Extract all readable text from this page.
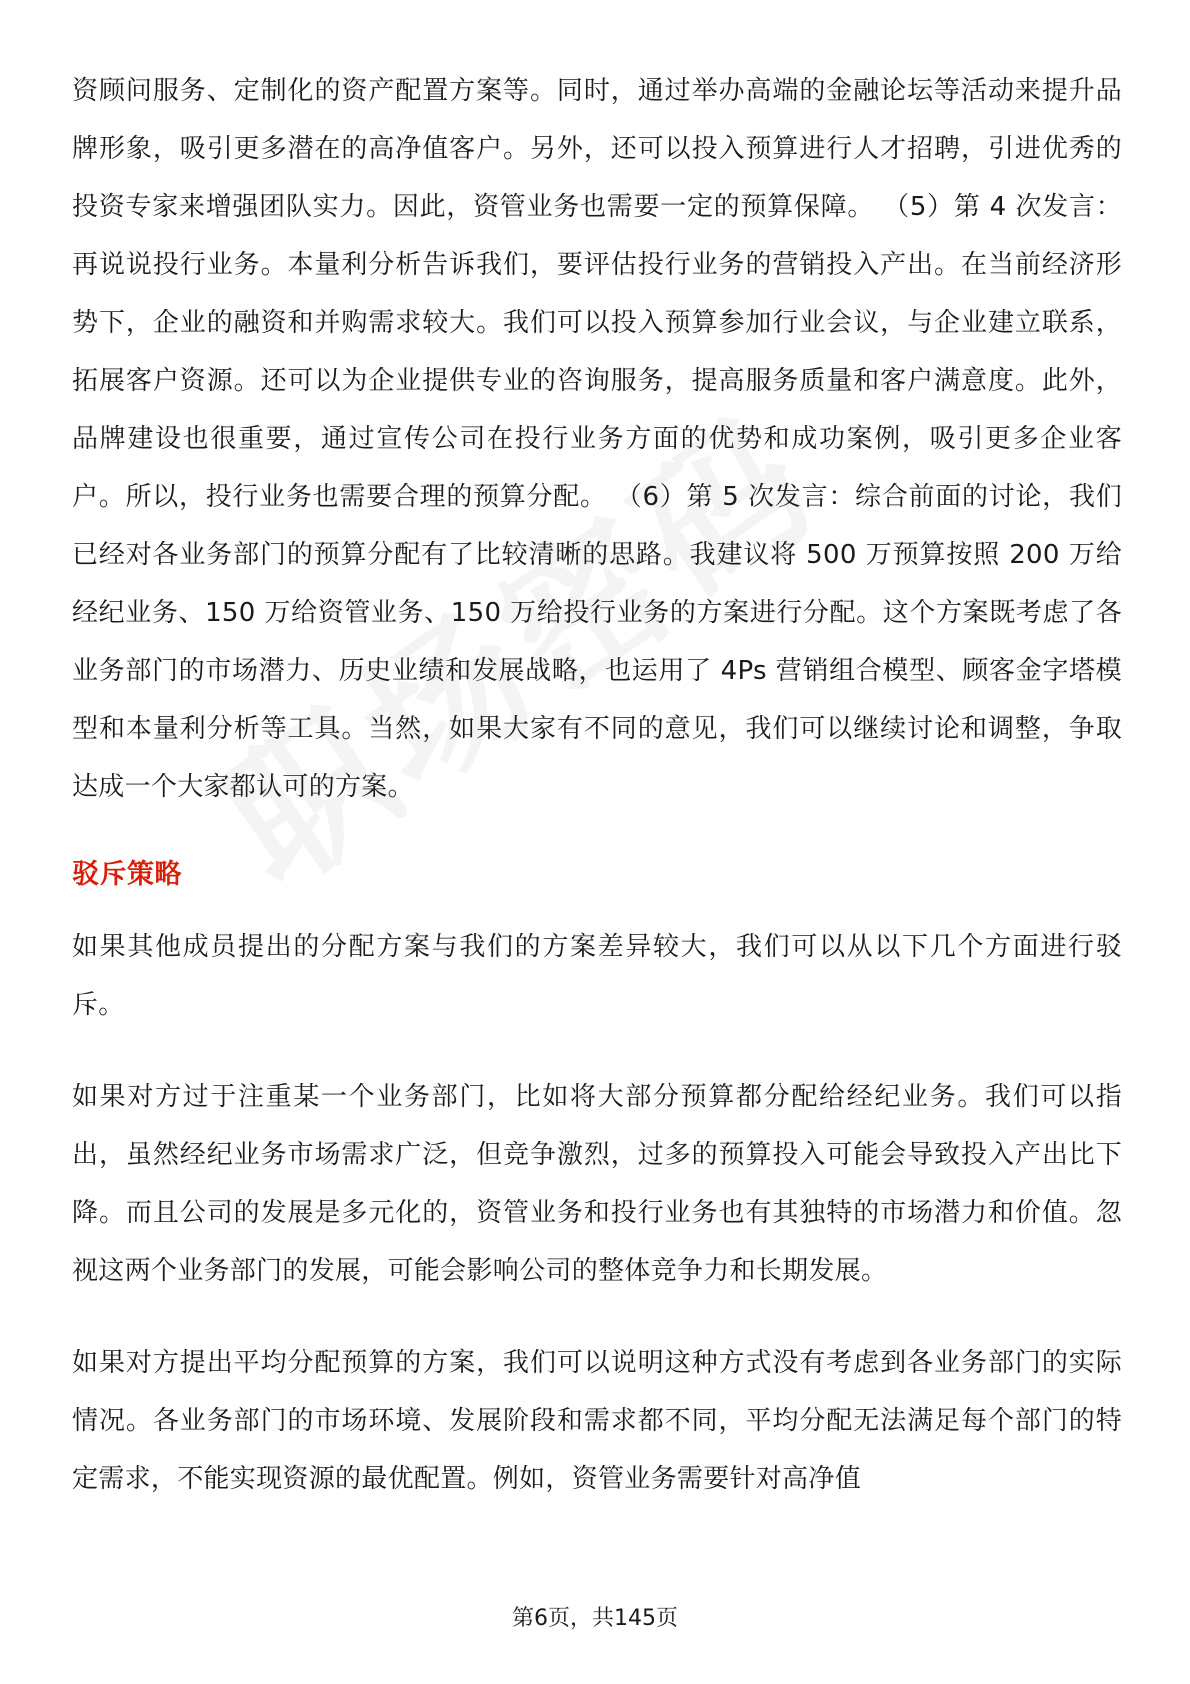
资顾问服务、定制化的资产配置方案等。同时，通过举办高端的金融论坛等活动来提升品牌形象，吸引更多潜在的高净值客户。另外，还可以投入预算进行人才招聘，引进优秀的投资专家来增强团队实力。因此，资管业务也需要一定的预算保障。 （5）第 4 次发言：再说说投行业务。本量利分析告诉我们，要评估投行业务的营销投入产出。在当前经济形势下，企业的融资和并购需求较大。我们可以投入预算参加行业会议，与企业建立联系，拓展客户资源。还可以为企业提供专业的咨询服务，提高服务质量和客户满意度。此外，品牌建设也很重要，通过宣传公司在投行业务方面的优势和成功案例，吸引更多企业客户。所以，投行业务也需要合理的预算分配。 （6）第 5 次发言：综合前面的讨论，我们已经对各业务部门的预算分配有了比较清晰的思路。我建议将 500 万预算按照 200 万给经纪业务、150 万给资管业务、150 万给投行业务的方案进行分配。这个方案既考虑了各业务部门的市场潜力、历史业绩和发展战略，也运用了 4Ps 营销组合模型、顾客金字塔模型和本量利分析等工具。当然，如果大家有不同的意见，我们可以继续讨论和调整，争取达成一个大家都认可的方案。

驳斥策略

如果其他成员提出的分配方案与我们的方案差异较大，我们可以从以下几个方面进行驳斥。

如果对方过于注重某一个业务部门，比如将大部分预算都分配给经纪业务。我们可以指出，虽然经纪业务市场需求广泛，但竞争激烈，过多的预算投入可能会导致投入产出比下降。而且公司的发展是多元化的，资管业务和投行业务也有其独特的市场潜力和价值。忽视这两个业务部门的发展，可能会影响公司的整体竞争力和长期发展。

如果对方提出平均分配预算的方案，我们可以说明这种方式没有考虑到各业务部门的实际情况。各业务部门的市场环境、发展阶段和需求都不同，平均分配无法满足每个部门的特定需求，不能实现资源的最优配置。例如，资管业务需要针对高净值

第6页，共145页
